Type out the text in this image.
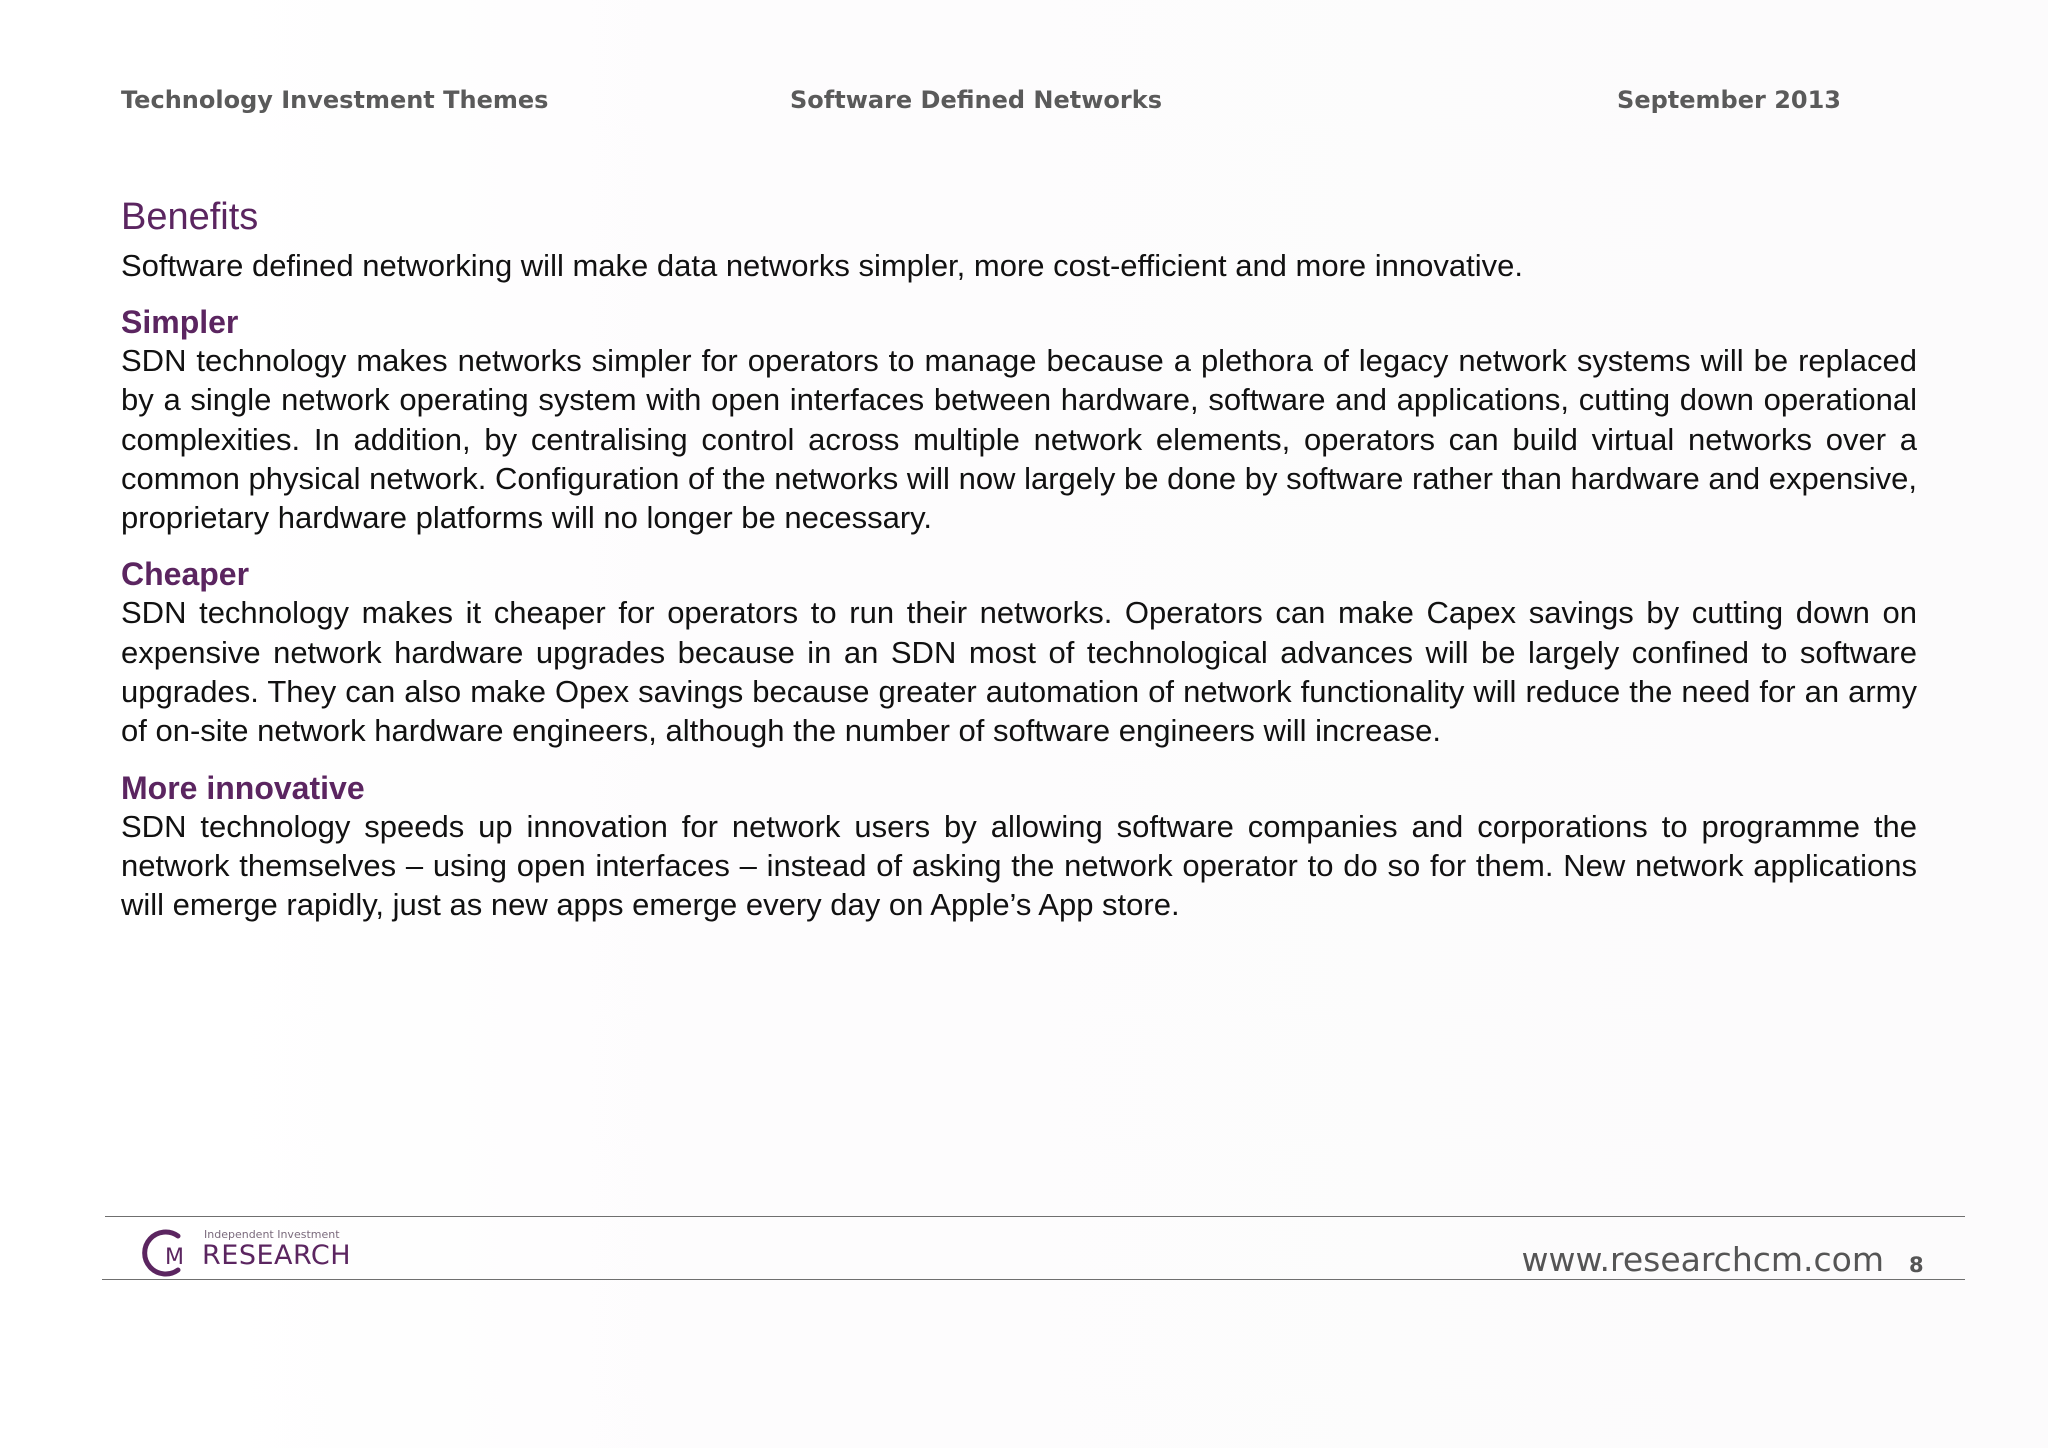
Technology Investment Themes	Software Defined Networks	September 2013
Benefits

Software defined networking will make data networks simpler, more cost-efficient and more innovative.

Simpler

SDN technology makes networks simpler for operators to manage because a plethora of legacy network systems will be replaced by a single network operating system with open interfaces between hardware, software and applications, cutting down operational complexities. In addition, by centralising control across multiple network elements, operators can build virtual networks over a common physical network. Configuration of the networks will now largely be done by software rather than hardware and expensive, proprietary hardware platforms will no longer be necessary.

Cheaper

SDN technology makes it cheaper for operators to run their networks. Operators can make Capex savings by cutting down on expensive network hardware upgrades because in an SDN most of technological advances will be largely confined to software upgrades. They can also make Opex savings because greater automation of network functionality will reduce the need for an army of on-site network hardware engineers, although the number of software engineers will increase.

More innovative

SDN technology speeds up innovation for network users by allowing software companies and corporations to programme the network themselves – using open interfaces – instead of asking the network operator to do so for them. New network applications will emerge rapidly, just as new apps emerge every day on Apple’s App store.

M
Independent Investment
RESEARCH	www.researchcm.com 8
